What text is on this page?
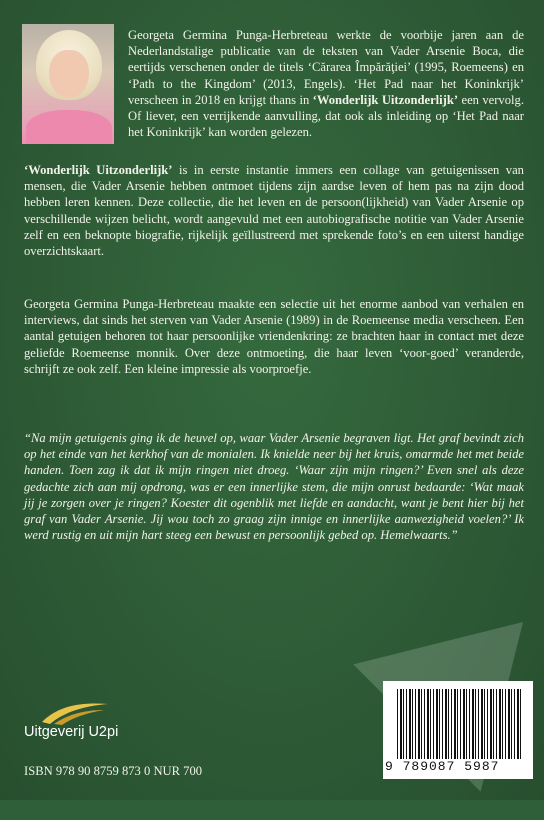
Georgeta Germina Punga-Herbreteau werkte de voorbije jaren aan de Nederlandstalige publicatie van de teksten van Vader Arsenie Boca, die eertijds verschenen onder de titels ‘Cărarea Împărăţiei’ (1995, Roemeens) en ‘Path to the Kingdom’ (2013, Engels). ‘Het Pad naar het Koninkrijk’ verscheen in 2018 en krijgt thans in ‘Wonderlijk Uitzonderlijk’ een vervolg. Of liever, een verrijkende aanvulling, dat ook als inleiding op ‘Het Pad naar het Koninkrijk’ kan worden gelezen.

‘Wonderlijk Uitzonderlijk’ is in eerste instantie immers een collage van getuigenissen van mensen, die Vader Arsenie hebben ontmoet tijdens zijn aardse leven of hem pas na zijn dood hebben leren kennen. Deze collectie, die het leven en de persoon(lijkheid) van Vader Arsenie op verschillende wijzen belicht, wordt aangevuld met een autobiografische notitie van Vader Arsenie zelf en een beknopte biografie, rijkelijk geïllustreerd met sprekende foto’s en een uiterst handige overzichtskaart.

Georgeta Germina Punga-Herbreteau maakte een selectie uit het enorme aanbod van verhalen en interviews, dat sinds het sterven van Vader Arsenie (1989) in de Roemeense media verscheen. Een aantal getuigen behoren tot haar persoonlijke vriendenkring: ze brachten haar in contact met deze geliefde Roemeense monnik. Over deze ontmoeting, die haar leven ‘voor-goed’ veranderde, schrijft ze ook zelf. Een kleine impressie als voorproefje.

“Na mijn getuigenis ging ik de heuvel op, waar Vader Arsenie begraven ligt. Het graf bevindt zich op het einde van het kerkhof van de monialen. Ik knielde neer bij het kruis, omarmde het met beide handen. Toen zag ik dat ik mijn ringen niet droeg. ‘Waar zijn mijn ringen?’ Even snel als deze gedachte zich aan mij opdrong, was er een innerlijke stem, die mijn onrust bedaarde: ‘Wat maak jij je zorgen over je ringen? Koester dit ogenblik met liefde en aandacht, want je bent hier bij het graf van Vader Arsenie. Jij wou toch zo graag zijn innige en innerlijke aanwezigheid voelen?’ Ik werd rustig en uit mijn hart steeg een bewust en persoonlijk gebed op. Hemelwaarts.”

Uitgeverij U2pi
ISBN 978 90 8759 873 0 NUR 700	9 789087 5987
